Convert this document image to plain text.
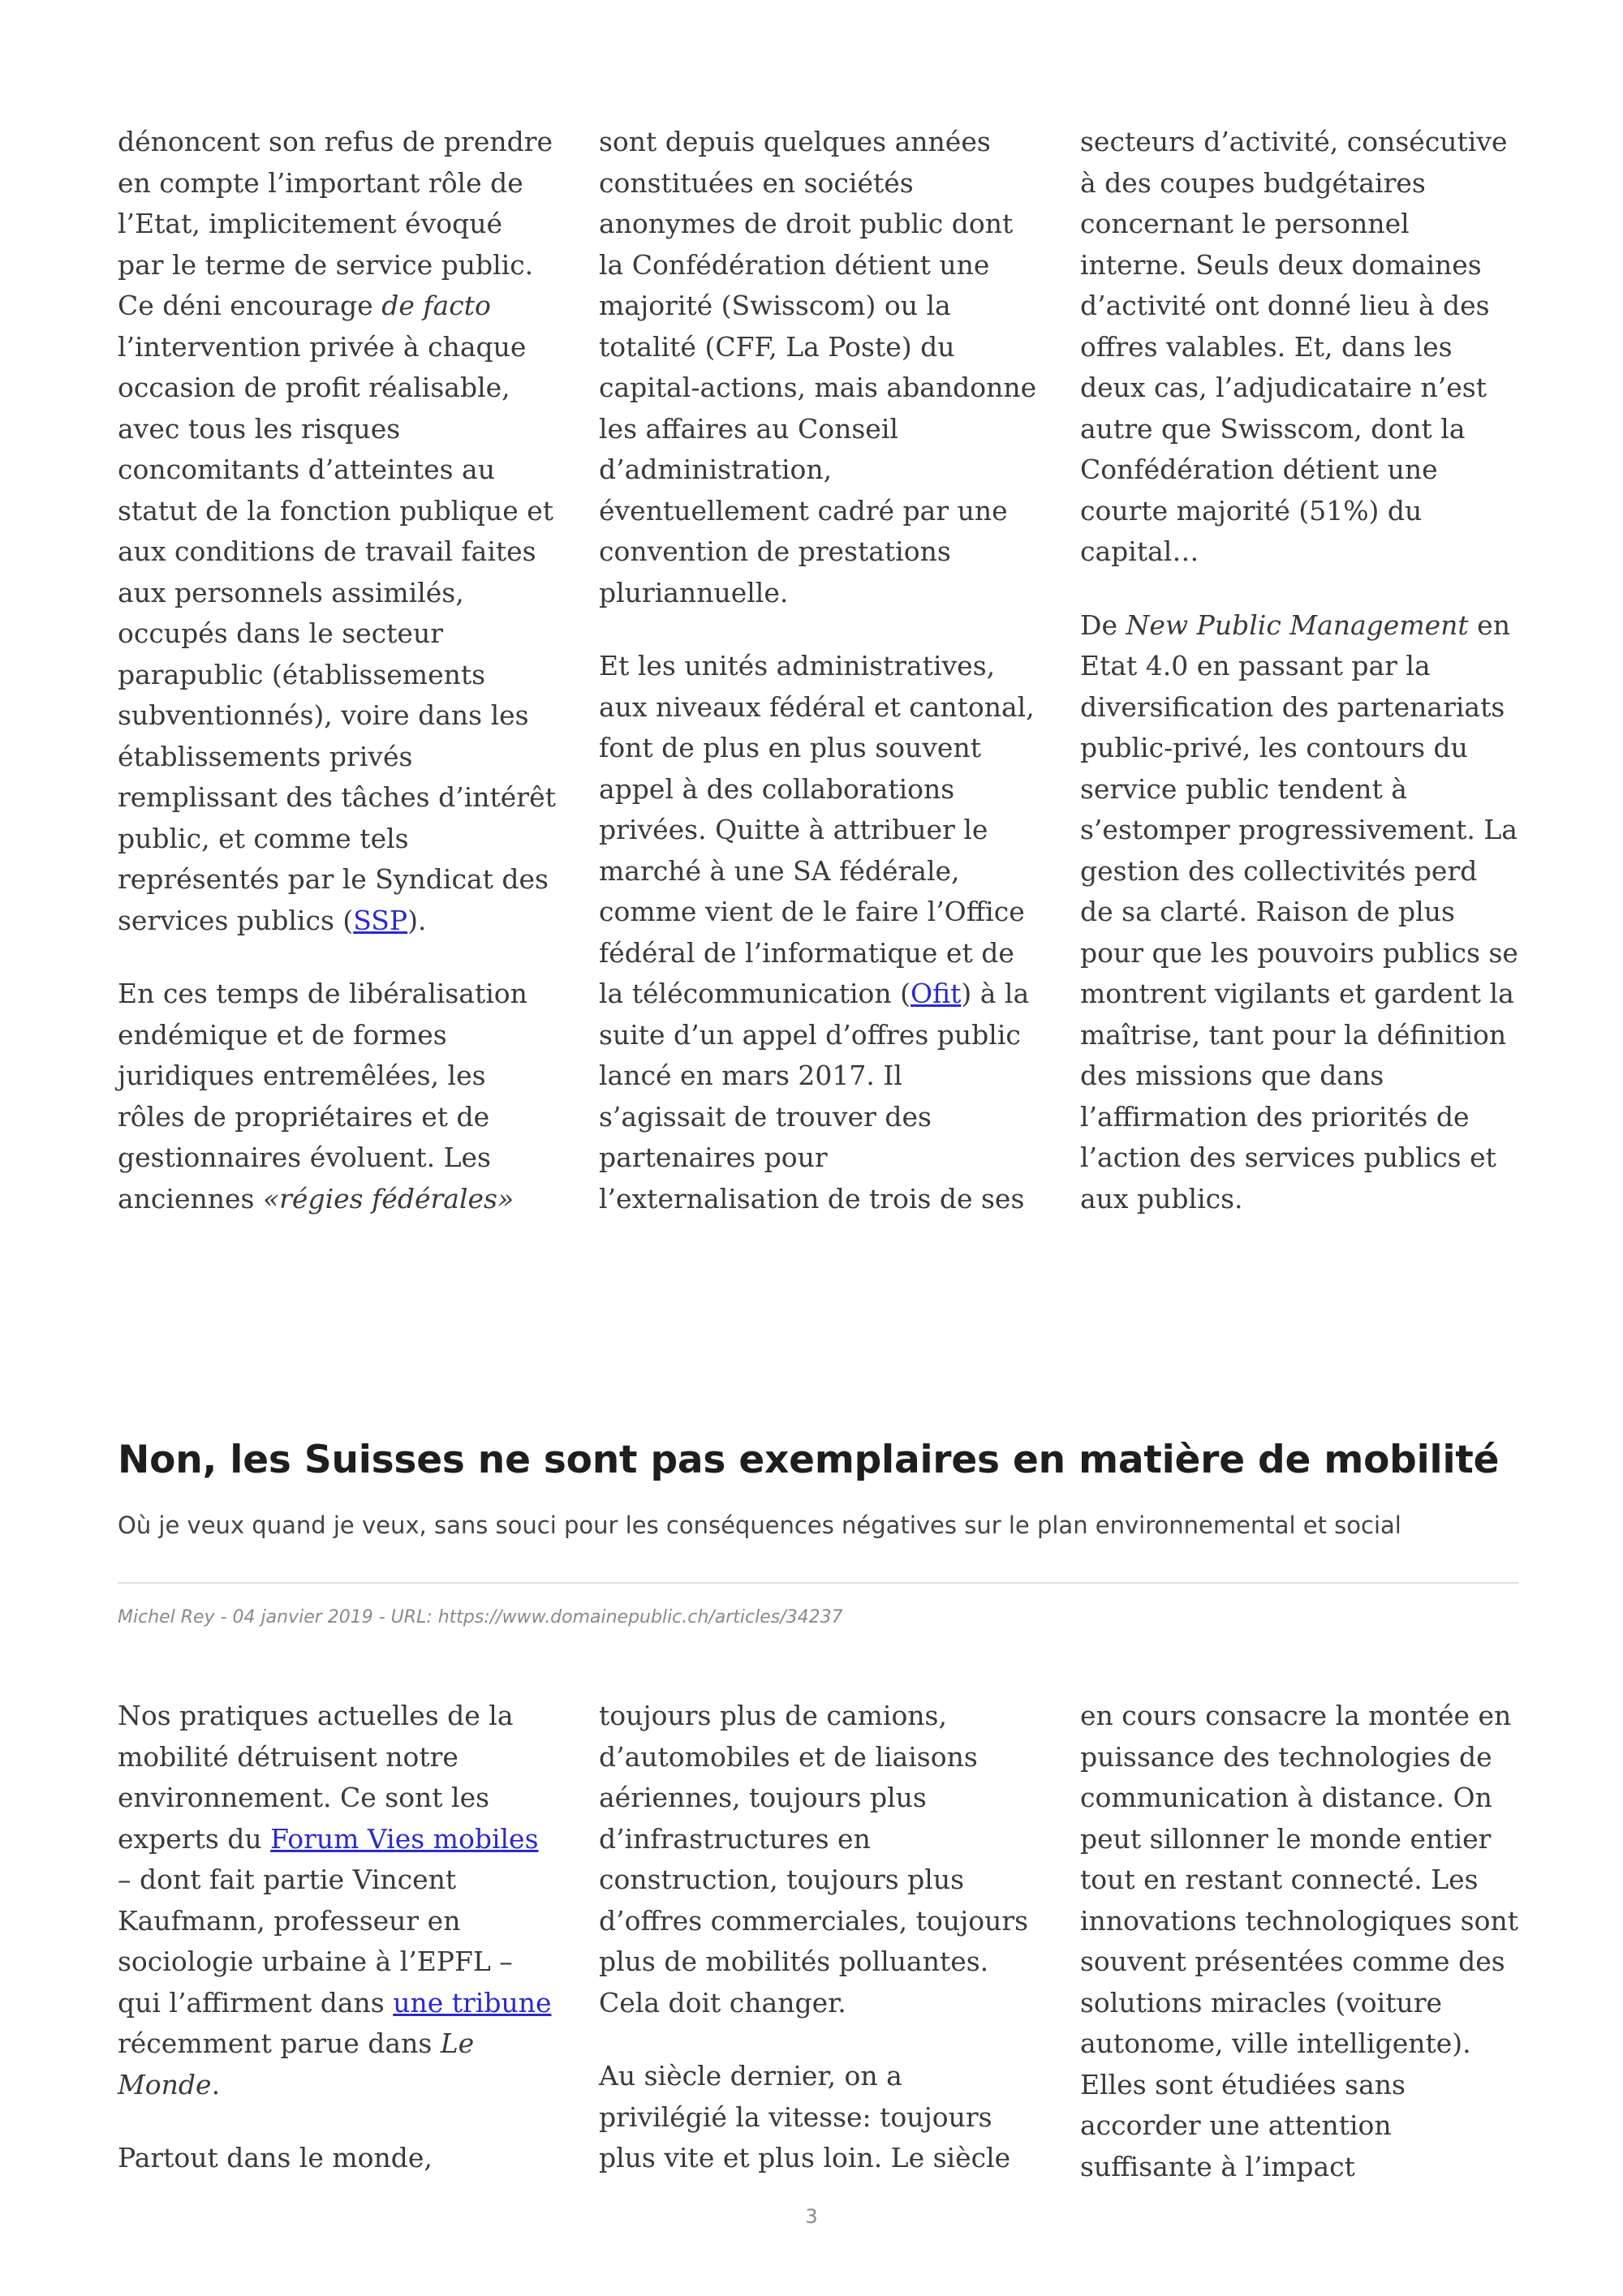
dénoncent son refus de prendre en compte l’important rôle de l’Etat, implicitement évoqué par le terme de service public. Ce déni encourage de facto l’intervention privée à chaque occasion de profit réalisable, avec tous les risques concomitants d’atteintes au statut de la fonction publique et aux conditions de travail faites aux personnels assimilés, occupés dans le secteur parapublic (établissements subventionnés), voire dans les établissements privés remplissant des tâches d’intérêt public, et comme tels représentés par le Syndicat des services publics (SSP).

En ces temps de libéralisation endémique et de formes juridiques entremêlées, les rôles de propriétaires et de gestionnaires évoluent. Les anciennes «régies fédérales»

sont depuis quelques années constituées en sociétés anonymes de droit public dont la Confédération détient une majorité (Swisscom) ou la totalité (CFF, La Poste) du capital-actions, mais abandonne les affaires au Conseil d’administration, éventuellement cadré par une convention de prestations pluriannuelle.

Et les unités administratives, aux niveaux fédéral et cantonal, font de plus en plus souvent appel à des collaborations privées. Quitte à attribuer le marché à une SA fédérale, comme vient de le faire l’Office fédéral de l’informatique et de la télécommunication (Ofit) à la suite d’un appel d’offres public lancé en mars 2017. Il s’agissait de trouver des partenaires pour l’externalisation de trois de ses

secteurs d’activité, consécutive à des coupes budgétaires concernant le personnel interne. Seuls deux domaines d’activité ont donné lieu à des offres valables. Et, dans les deux cas, l’adjudicataire n’est autre que Swisscom, dont la Confédération détient une courte majorité (51%) du capital…

De New Public Management en Etat 4.0 en passant par la diversification des partenariats public-privé, les contours du service public tendent à s’estomper progressivement. La gestion des collectivités perd de sa clarté. Raison de plus pour que les pouvoirs publics se montrent vigilants et gardent la maîtrise, tant pour la définition des missions que dans l’affirmation des priorités de l’action des services publics et aux publics.

Non, les Suisses ne sont pas exemplaires en matière de mobilité

Où je veux quand je veux, sans souci pour les conséquences négatives sur le plan environnemental et social

Michel Rey - 04 janvier 2019 - URL: https://www.domainepublic.ch/articles/34237

Nos pratiques actuelles de la mobilité détruisent notre environnement. Ce sont les experts du Forum Vies mobiles – dont fait partie Vincent Kaufmann, professeur en sociologie urbaine à l’EPFL – qui l’affirment dans une tribune récemment parue dans Le Monde.

Partout dans le monde,

toujours plus de camions, d’automobiles et de liaisons aériennes, toujours plus d’infrastructures en construction, toujours plus d’offres commerciales, toujours plus de mobilités polluantes. Cela doit changer.

Au siècle dernier, on a privilégié la vitesse: toujours plus vite et plus loin. Le siècle

en cours consacre la montée en puissance des technologies de communication à distance. On peut sillonner le monde entier tout en restant connecté. Les innovations technologiques sont souvent présentées comme des solutions miracles (voiture autonome, ville intelligente). Elles sont étudiées sans accorder une attention suffisante à l’impact

3
